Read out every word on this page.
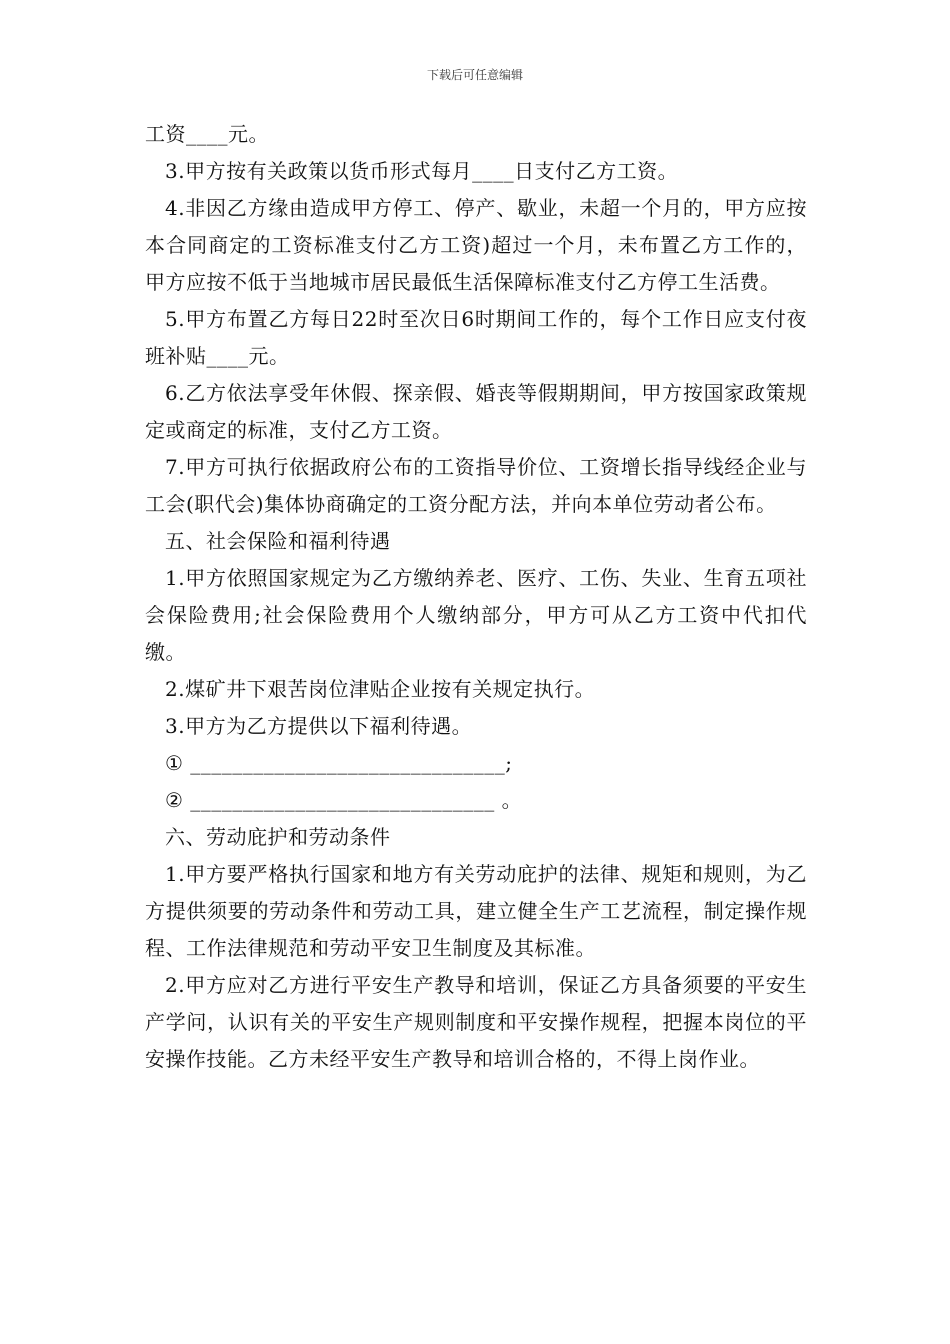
下载后可任意编辑

工资____元。

3.甲方按有关政策以货币形式每月____日支付乙方工资。

4.非因乙方缘由造成甲方停工、停产、歇业，未超一个月的，甲方应按本合同商定的工资标准支付乙方工资)超过一个月，未布置乙方工作的，甲方应按不低于当地城市居民最低生活保障标准支付乙方停工生活费。

5.甲方布置乙方每日22时至次日6时期间工作的，每个工作日应支付夜班补贴____元。

6.乙方依法享受年休假、探亲假、婚丧等假期期间，甲方按国家政策规定或商定的标准，支付乙方工资。

7.甲方可执行依据政府公布的工资指导价位、工资增长指导线经企业与工会(职代会)集体协商确定的工资分配方法，并向本单位劳动者公布。

五、社会保险和福利待遇

1.甲方依照国家规定为乙方缴纳养老、医疗、工伤、失业、生育五项社会保险费用;社会保险费用个人缴纳部分，甲方可从乙方工资中代扣代缴。

2.煤矿井下艰苦岗位津贴企业按有关规定执行。

3.甲方为乙方提供以下福利待遇。

① ______________________________;

② _____________________________ 。

六、劳动庇护和劳动条件

1.甲方要严格执行国家和地方有关劳动庇护的法律、规矩和规则，为乙方提供须要的劳动条件和劳动工具，建立健全生产工艺流程，制定操作规程、工作法律规范和劳动平安卫生制度及其标准。

2.甲方应对乙方进行平安生产教导和培训，保证乙方具备须要的平安生产学问，认识有关的平安生产规则制度和平安操作规程，把握本岗位的平安操作技能。乙方未经平安生产教导和培训合格的，不得上岗作业。
